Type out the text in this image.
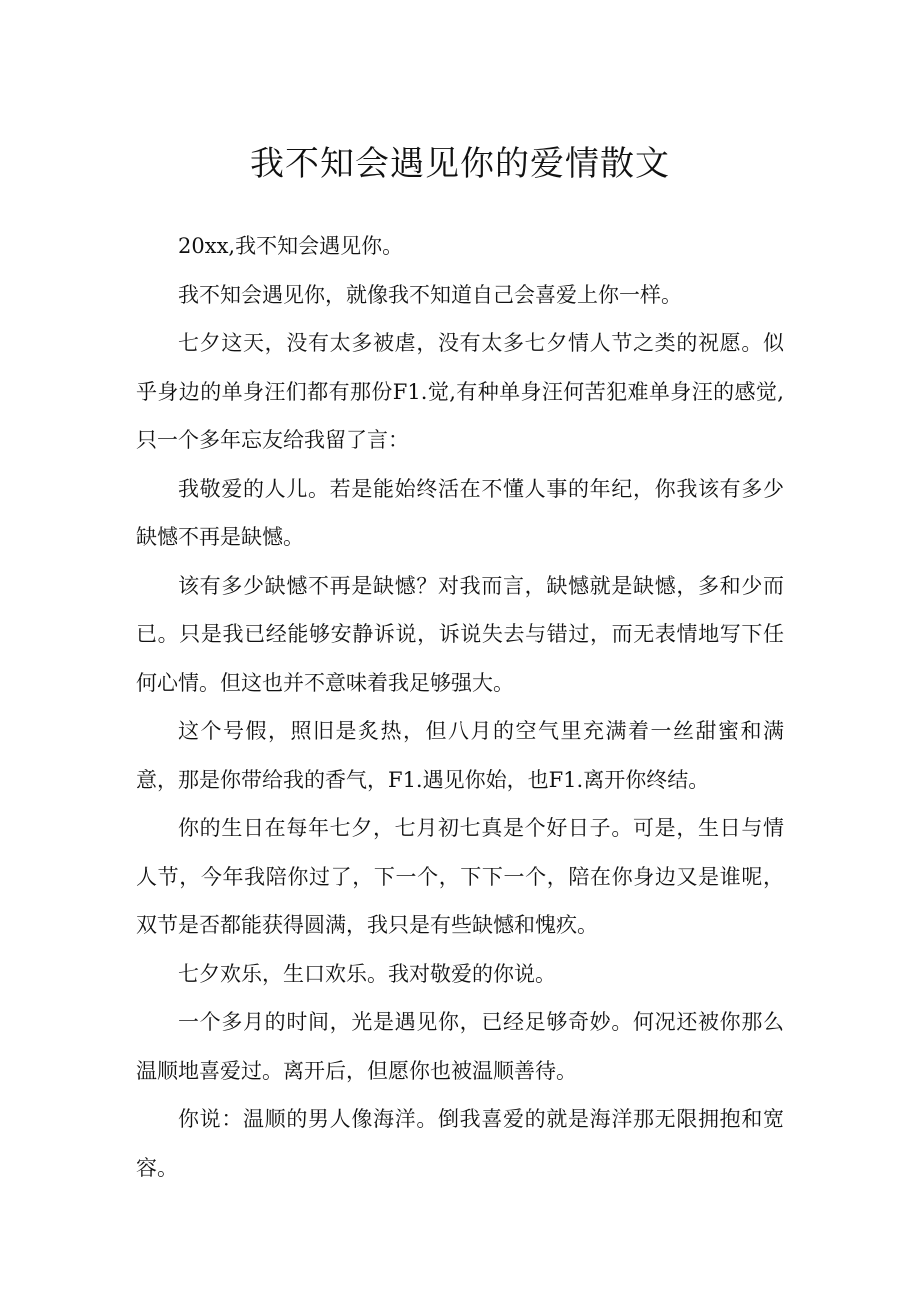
我不知会遇见你的爱情散文

20xx,我不知会遇见你。

我不知会遇见你，就像我不知道自己会喜爱上你一样。

七夕这天，没有太多被虐，没有太多七夕情人节之类的祝愿。似乎身边的单身汪们都有那份F1.觉,有种单身汪何苦犯难单身汪的感觉,只一个多年忘友给我留了言：

我敬爱的人儿。若是能始终活在不懂人事的年纪，你我该有多少缺憾不再是缺憾。

该有多少缺憾不再是缺憾？对我而言，缺憾就是缺憾，多和少而已。只是我已经能够安静诉说，诉说失去与错过，而无表情地写下任何心情。但这也并不意味着我足够强大。

这个号假，照旧是炙热，但八月的空气里充满着一丝甜蜜和满意，那是你带给我的香气，F1.遇见你始，也F1.离开你终结。

你的生日在每年七夕，七月初七真是个好日子。可是，生日与情人节，今年我陪你过了，下一个，下下一个，陪在你身边又是谁呢，双节是否都能获得圆满，我只是有些缺憾和愧疚。

七夕欢乐，生口欢乐。我对敬爱的你说。

一个多月的时间，光是遇见你，已经足够奇妙。何况还被你那么温顺地喜爱过。离开后，但愿你也被温顺善待。

你说：温顺的男人像海洋。倒我喜爱的就是海洋那无限拥抱和宽容。
